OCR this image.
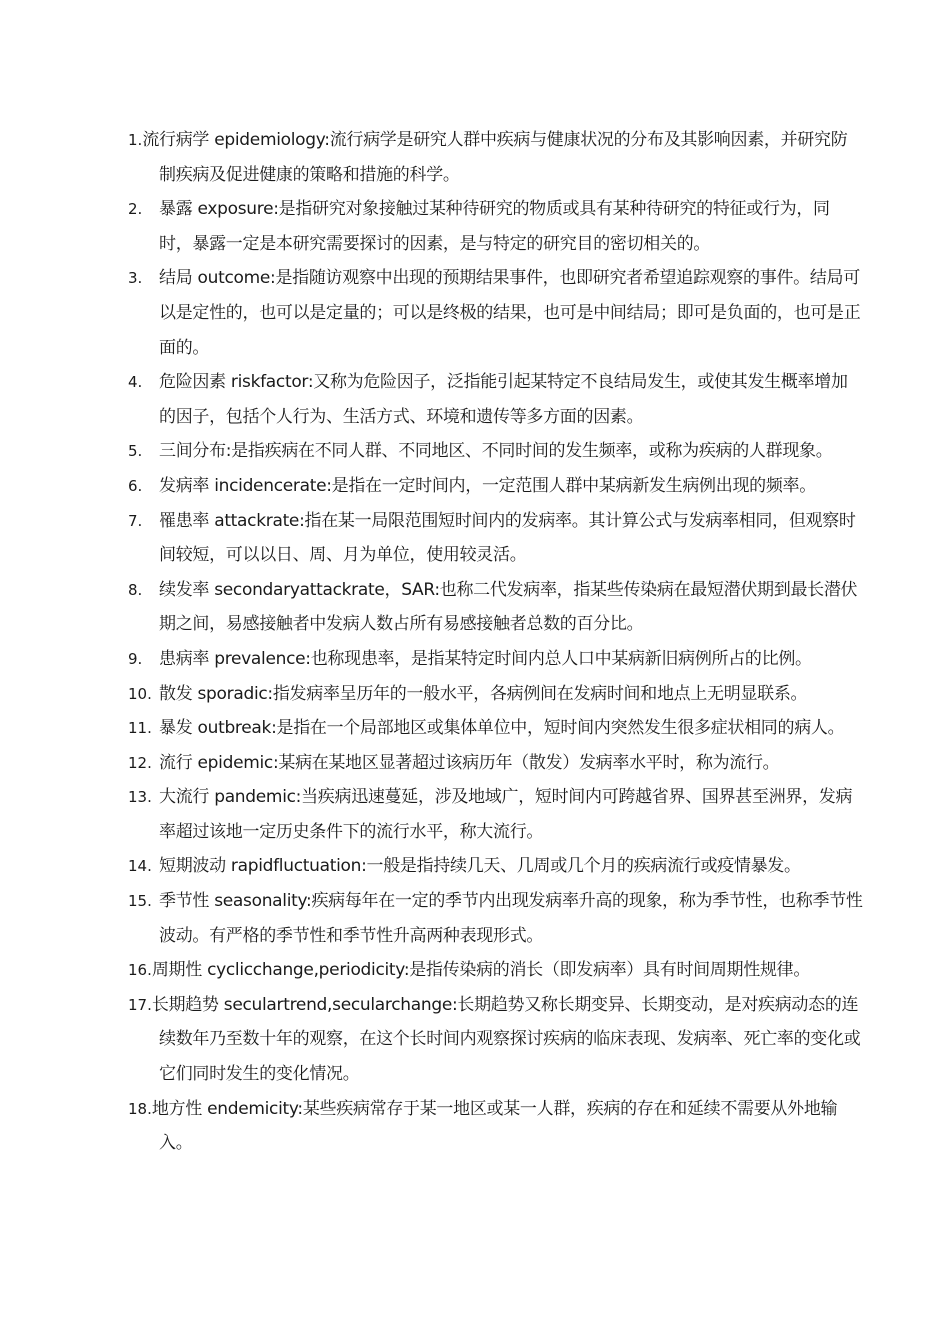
1.流行病学 epidemiology:流行病学是研究人群中疾病与健康状况的分布及其影响因素，并研究防制疾病及促进健康的策略和措施的科学。
2. 暴露 exposure:是指研究对象接触过某种待研究的物质或具有某种待研究的特征或行为，同时，暴露一定是本研究需要探讨的因素，是与特定的研究目的密切相关的。
3. 结局 outcome:是指随访观察中出现的预期结果事件，也即研究者希望追踪观察的事件。结局可以是定性的，也可以是定量的；可以是终极的结果，也可是中间结局；即可是负面的，也可是正面的。
4. 危险因素 riskfactor:又称为危险因子，泛指能引起某特定不良结局发生，或使其发生概率增加的因子，包括个人行为、生活方式、环境和遗传等多方面的因素。
5. 三间分布:是指疾病在不同人群、不同地区、不同时间的发生频率，或称为疾病的人群现象。
6. 发病率 incidencerate:是指在一定时间内，一定范围人群中某病新发生病例出现的频率。
7. 罹患率 attackrate:指在某一局限范围短时间内的发病率。其计算公式与发病率相同，但观察时间较短，可以以日、周、月为单位，使用较灵活。
8. 续发率 secondaryattackrate，SAR:也称二代发病率，指某些传染病在最短潜伏期到最长潜伏期之间，易感接触者中发病人数占所有易感接触者总数的百分比。
9. 患病率 prevalence:也称现患率，是指某特定时间内总人口中某病新旧病例所占的比例。
10. 散发 sporadic:指发病率呈历年的一般水平，各病例间在发病时间和地点上无明显联系。
11. 暴发 outbreak:是指在一个局部地区或集体单位中，短时间内突然发生很多症状相同的病人。
12. 流行 epidemic:某病在某地区显著超过该病历年（散发）发病率水平时，称为流行。
13. 大流行 pandemic:当疾病迅速蔓延，涉及地域广，短时间内可跨越省界、国界甚至洲界，发病率超过该地一定历史条件下的流行水平，称大流行。
14. 短期波动 rapidfluctuation:一般是指持续几天、几周或几个月的疾病流行或疫情暴发。
15. 季节性 seasonality:疾病每年在一定的季节内出现发病率升高的现象，称为季节性，也称季节性波动。有严格的季节性和季节性升高两种表现形式。
16.周期性 cyclicchange,periodicity:是指传染病的消长（即发病率）具有时间周期性规律。
17.长期趋势 seculartrend,secularchange:长期趋势又称长期变异、长期变动，是对疾病动态的连续数年乃至数十年的观察，在这个长时间内观察探讨疾病的临床表现、发病率、死亡率的变化或它们同时发生的变化情况。
18.地方性 endemicity:某些疾病常存于某一地区或某一人群，疾病的存在和延续不需要从外地输入。
